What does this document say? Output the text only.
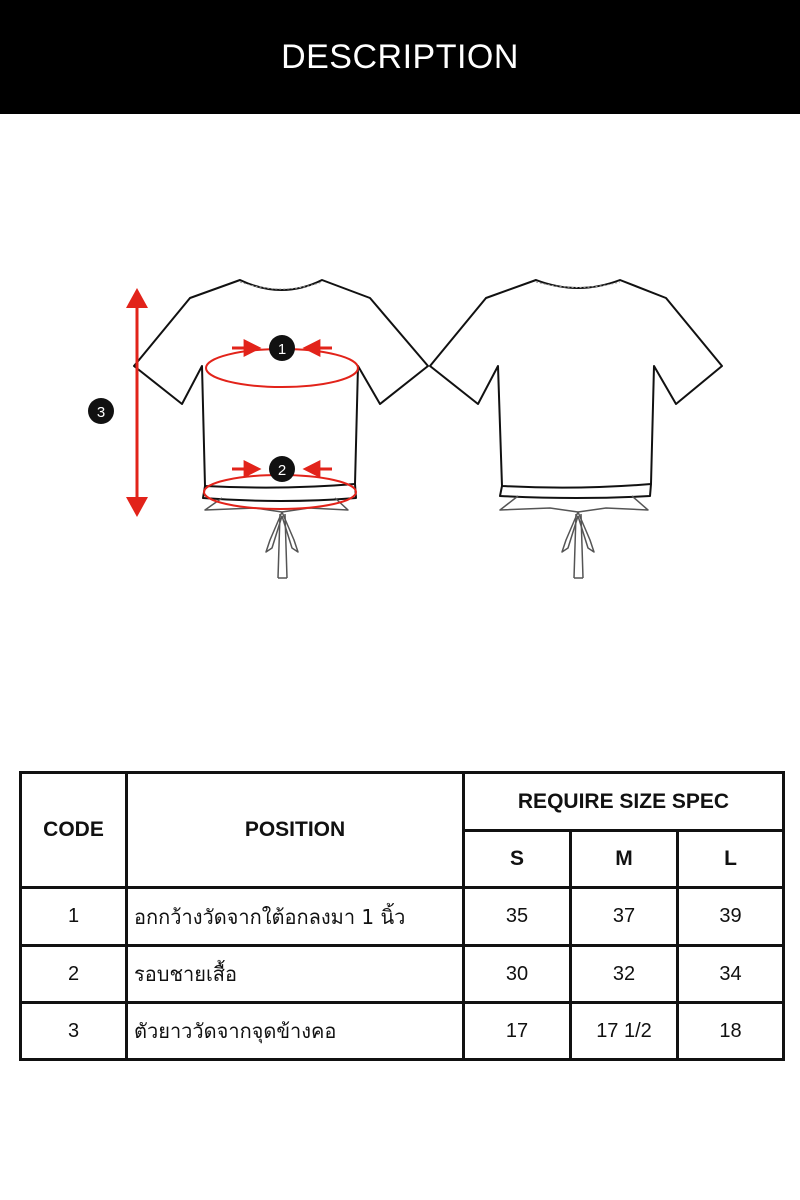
DESCRIPTION
1
2
3
CODE	POSITION	REQUIRE SIZE SPEC		
		S	M	L
1	อกกว้างวัดจากใต้อกลงมา 1 นิ้ว	35	37	39
2	รอบชายเสื้อ	30	32	34
3	ตัวยาววัดจากจุดข้างคอ	17	17 1/2	18
